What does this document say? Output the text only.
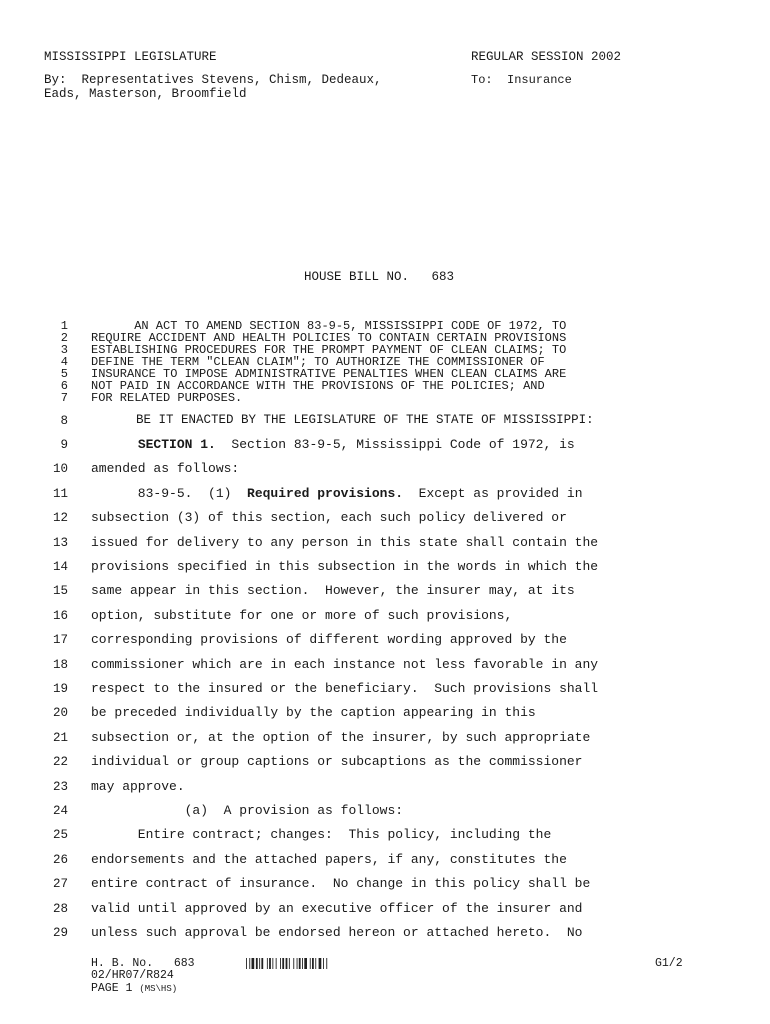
MISSISSIPPI LEGISLATURE	REGULAR SESSION 2002
By:  Representatives Stevens, Chism, Dedeaux,
Eads, Masterson, Broomfield
To:  Insurance
HOUSE BILL NO.   683
1 AN ACT TO AMEND SECTION 83-9-5, MISSISSIPPI CODE OF 1972, TO
2 REQUIRE ACCIDENT AND HEALTH POLICIES TO CONTAIN CERTAIN PROVISIONS
3 ESTABLISHING PROCEDURES FOR THE PROMPT PAYMENT OF CLEAN CLAIMS; TO
4 DEFINE THE TERM "CLEAN CLAIM"; TO AUTHORIZE THE COMMISSIONER OF
5 INSURANCE TO IMPOSE ADMINISTRATIVE PENALTIES WHEN CLEAN CLAIMS ARE
6 NOT PAID IN ACCORDANCE WITH THE PROVISIONS OF THE POLICIES; AND
7 FOR RELATED PURPOSES.
8 BE IT ENACTED BY THE LEGISLATURE OF THE STATE OF MISSISSIPPI:
9	SECTION 1.  Section 83-9-5, Mississippi Code of 1972, is
10 amended as follows:
11 83-9-5.  (1)  Required provisions.  Except as provided in
12 subsection (3) of this section, each such policy delivered or
13 issued for delivery to any person in this state shall contain the
14 provisions specified in this subsection in the words in which the
15 same appear in this section.  However, the insurer may, at its
16 option, substitute for one or more of such provisions,
17 corresponding provisions of different wording approved by the
18 commissioner which are in each instance not less favorable in any
19 respect to the insured or the beneficiary.  Such provisions shall
20 be preceded individually by the caption appearing in this
21 subsection or, at the option of the insurer, by such appropriate
22 individual or group captions or subcaptions as the commissioner
23 may approve.
24 (a)  A provision as follows:
25 Entire contract; changes:  This policy, including the
26 endorsements and the attached papers, if any, constitutes the
27 entire contract of insurance.  No change in this policy shall be
28 valid until approved by an executive officer of the insurer and
29 unless such approval be endorsed hereon or attached hereto.  No
H. B. No.   683
02/HR07/R824
PAGE 1 (MS\HS)
G1/2
